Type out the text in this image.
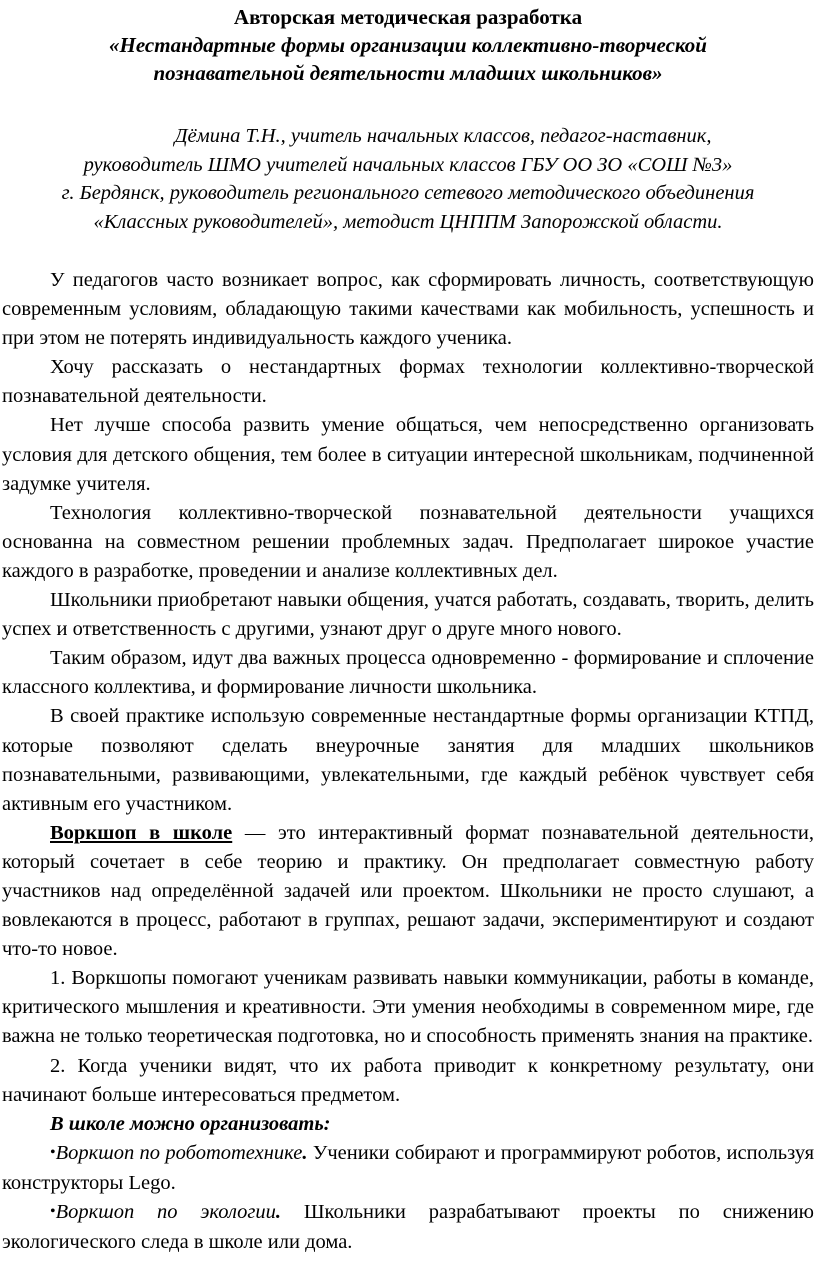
Авторская методическая разработка

«Нестандартные формы организации коллективно-творческой

познавательной деятельности младших школьников»

Дёмина Т.Н., учитель начальных классов, педагог-наставник,

руководитель ШМО учителей начальных классов ГБУ ОО ЗО «СОШ №3»

г. Бердянск, руководитель регионального сетевого методического объединения

«Классных руководителей», методист ЦНППМ Запорожской области.

У педагогов часто возникает вопрос, как сформировать личность, соответствующую современным условиям, обладающую такими качествами как мобильность, успешность и при этом не потерять индивидуальность каждого ученика.

Хочу рассказать о нестандартных формах технологии коллективно-творческой познавательной деятельности.

Нет лучше способа развить умение общаться, чем непосредственно организовать условия для детского общения, тем более в ситуации интересной школьникам, подчиненной задумке учителя.

Технология коллективно-творческой познавательной деятельности учащихся основанна на совместном решении проблемных задач. Предполагает широкое участие каждого в разработке, проведении и анализе коллективных дел.

Школьники приобретают навыки общения, учатся работать, создавать, творить, делить успех и ответственность с другими, узнают друг о друге много нового.

Таким образом, идут два важных процесса одновременно - формирование и сплочение классного коллектива, и формирование личности школьника.

В своей практике использую современные нестандартные формы организации КТПД, которые позволяют сделать внеурочные занятия для младших школьников познавательными, развивающими, увлекательными, где каждый ребёнок чувствует себя активным его участником.

Воркшоп в школе — это интерактивный формат познавательной деятельности, который сочетает в себе теорию и практику. Он предполагает совместную работу участников над определённой задачей или проектом. Школьники не просто слушают, а вовлекаются в процесс, работают в группах, решают задачи, экспериментируют и создают что-то новое.

1. Воркшопы помогают ученикам развивать навыки коммуникации, работы в команде, критического мышления и креативности. Эти умения необходимы в современном мире, где важна не только теоретическая подготовка, но и способность применять знания на практике.

2. Когда ученики видят, что их работа приводит к конкретному результату, они начинают больше интересоваться предметом.

В школе можно организовать:

•Воркшоп по робототехнике. Ученики собирают и программируют роботов, используя конструкторы Lego.

•Воркшоп по экологии. Школьники разрабатывают проекты по снижению экологического следа в школе или дома.
